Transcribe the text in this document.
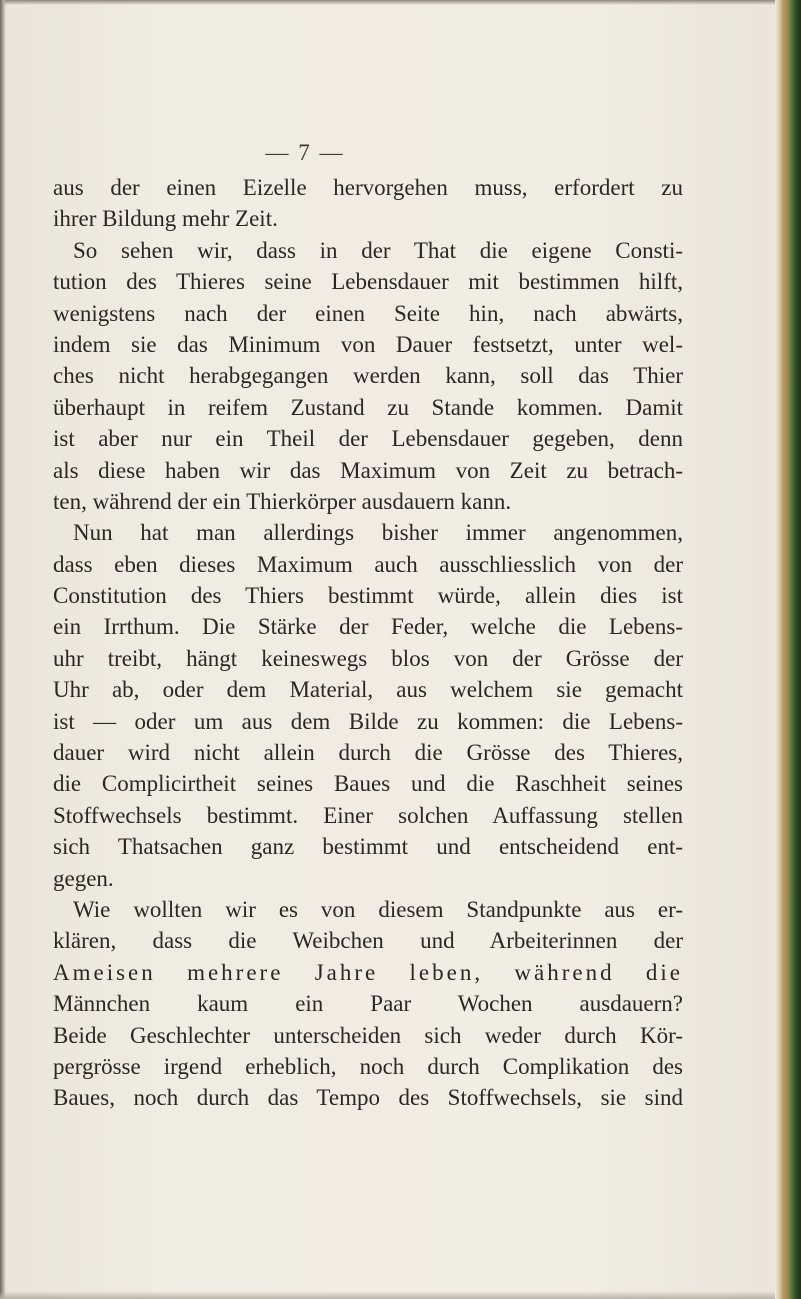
— 7 —
aus der einen Eizelle hervorgehen muss, erfordert zu
ihrer Bildung mehr Zeit.
So sehen wir, dass in der That die eigene Consti-
tution des Thieres seine Lebensdauer mit bestimmen hilft,
wenigstens nach der einen Seite hin, nach abwärts,
indem sie das Minimum von Dauer festsetzt, unter wel-
ches nicht herabgegangen werden kann, soll das Thier
überhaupt in reifem Zustand zu Stande kommen. Damit
ist aber nur ein Theil der Lebensdauer gegeben, denn
als diese haben wir das Maximum von Zeit zu betrach-
ten, während der ein Thierkörper ausdauern kann.
Nun hat man allerdings bisher immer angenommen,
dass eben dieses Maximum auch ausschliesslich von der
Constitution des Thiers bestimmt würde, allein dies ist
ein Irrthum. Die Stärke der Feder, welche die Lebens-
uhr treibt, hängt keineswegs blos von der Grösse der
Uhr ab, oder dem Material, aus welchem sie gemacht
ist — oder um aus dem Bilde zu kommen: die Lebens-
dauer wird nicht allein durch die Grösse des Thieres,
die Complicirtheit seines Baues und die Raschheit seines
Stoffwechsels bestimmt. Einer solchen Auffassung stellen
sich Thatsachen ganz bestimmt und entscheidend ent-
gegen.
Wie wollten wir es von diesem Standpunkte aus er-
klären, dass die Weibchen und Arbeiterinnen der
Ameisen mehrere Jahre leben, während die
Männchen kaum ein Paar Wochen ausdauern?
Beide Geschlechter unterscheiden sich weder durch Kör-
pergrösse irgend erheblich, noch durch Complikation des
Baues, noch durch das Tempo des Stoffwechsels, sie sind
